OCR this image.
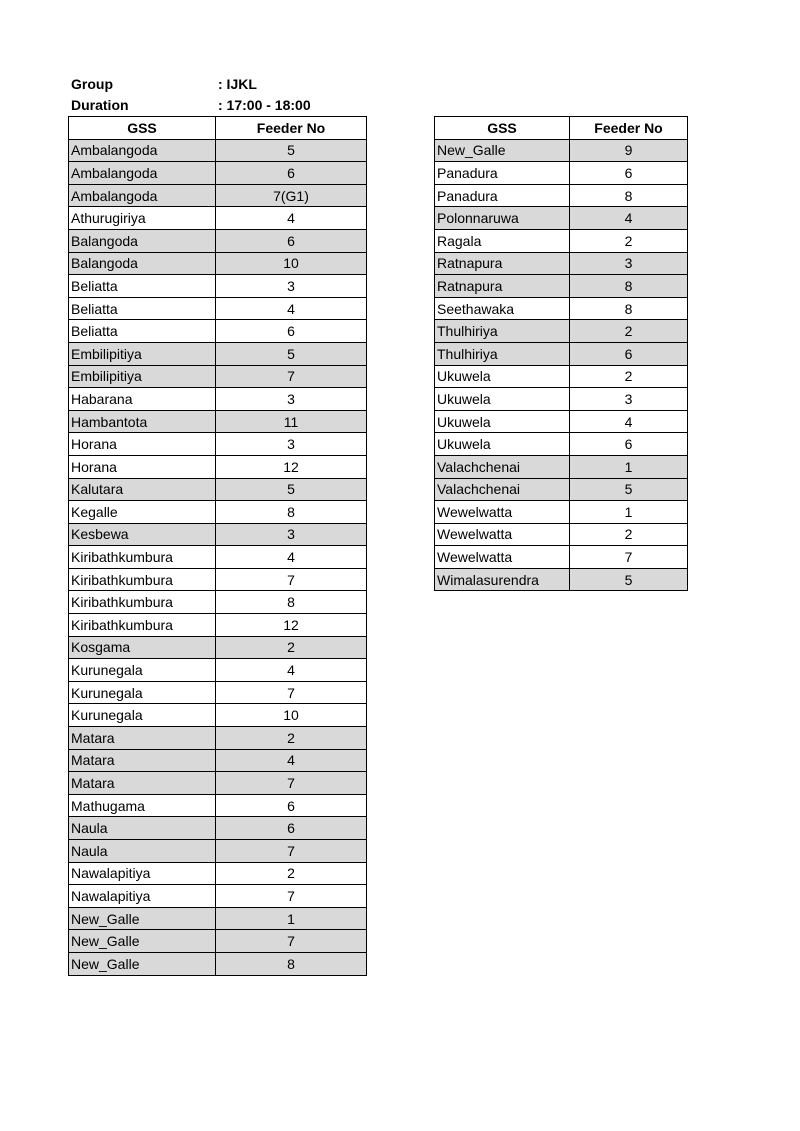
Group	: IJKL
Duration	: 17:00 - 18:00
GSS	Feeder No
Ambalangoda	5
Ambalangoda	6
Ambalangoda	7(G1)
Athurugiriya	4
Balangoda	6
Balangoda	10
Beliatta	3
Beliatta	4
Beliatta	6
Embilipitiya	5
Embilipitiya	7
Habarana	3
Hambantota	11
Horana	3
Horana	12
Kalutara	5
Kegalle	8
Kesbewa	3
Kiribathkumbura	4
Kiribathkumbura	7
Kiribathkumbura	8
Kiribathkumbura	12
Kosgama	2
Kurunegala	4
Kurunegala	7
Kurunegala	10
Matara	2
Matara	4
Matara	7
Mathugama	6
Naula	6
Naula	7
Nawalapitiya	2
Nawalapitiya	7
New_Galle	1
New_Galle	7
New_Galle	8
GSS	Feeder No
New_Galle	9
Panadura	6
Panadura	8
Polonnaruwa	4
Ragala	2
Ratnapura	3
Ratnapura	8
Seethawaka	8
Thulhiriya	2
Thulhiriya	6
Ukuwela	2
Ukuwela	3
Ukuwela	4
Ukuwela	6
Valachchenai	1
Valachchenai	5
Wewelwatta	1
Wewelwatta	2
Wewelwatta	7
Wimalasurendra	5
